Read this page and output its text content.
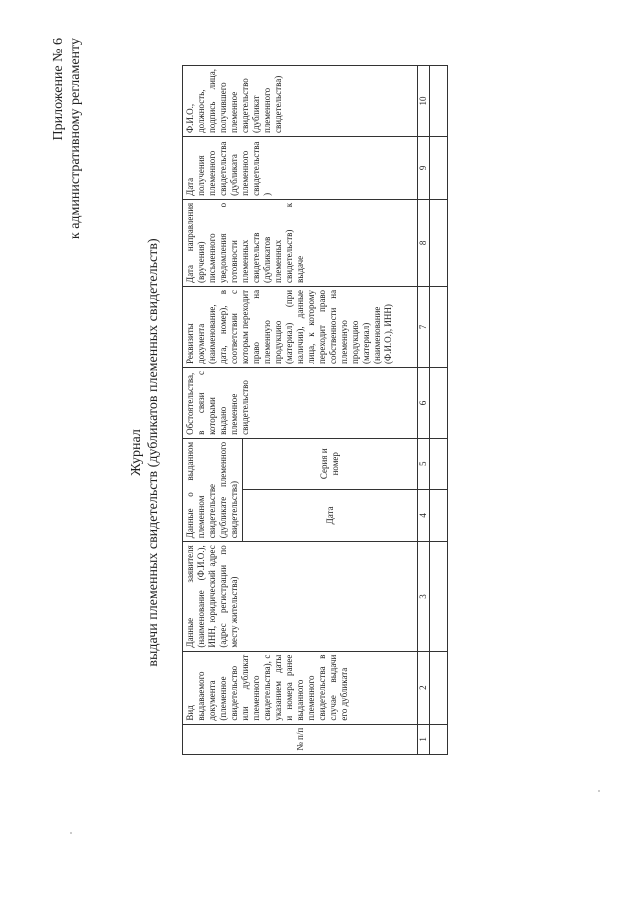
Приложение № 6 к административному регламенту
Журнал выдачи племенных свидетельств (дубликатов племенных свидетельств)
№ п/п	Вид выдаваемого документа (племенное свидетельство или дубликат племенного свидетельства), с указанием даты и номера ранее выданного племенного свидетельства в случае выдачи его дубликата	Данные заявителя (наименование (Ф.И.О.), ИНН, юридический адрес (адрес регистрации по месту жительства)	Данные о выданном племенном свидетельстве (дубликате племенного свидетельства)		Обстоятельства, в связи с которыми выдано племенное свидетельство	Реквизиты документа (наименование, дата, номер), в соответствии с которым переходит право на племенную продукцию (материал) (при наличии), данные лица, к которому переходит право собственности на племенную продукцию (материал) (наименование (Ф.И.О.), ИНН)	Дата направления (вручения) письменного уведомления о готовности племенных свидетельств (дубликатов племенных свидетельств) к выдаче	Дата получения племенного свидетельства (дубликата племенного свидетельства)	Ф.И.О., должность, подпись лица, получившего племенное свидетельство (дубликат племенного свидетельства)
			Дата	Серия и номер					
1	2	3	4	5	6	7	8	9	10
